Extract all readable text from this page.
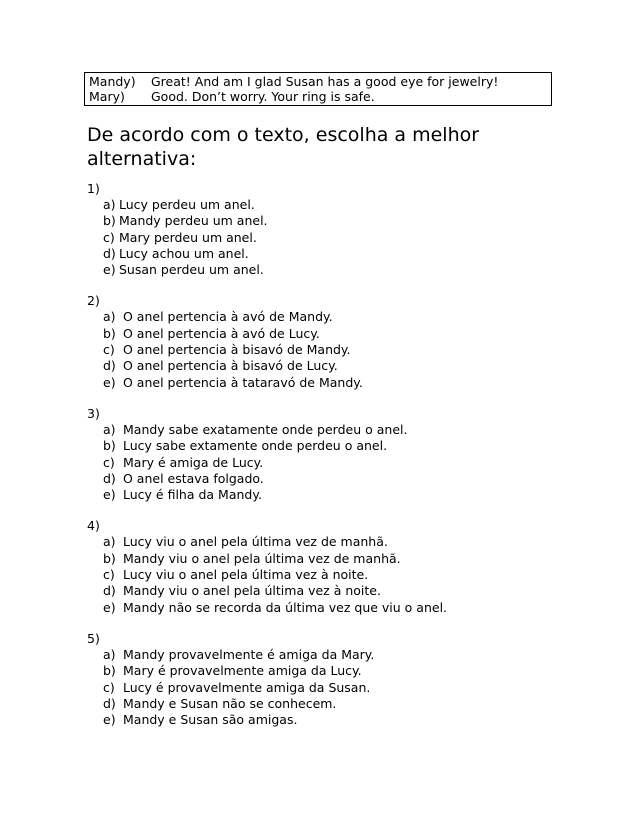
Mandy)	Great! And am I glad Susan has a good eye for jewelry!
Mary)	Good. Don’t worry. Your ring is safe.
De acordo com o texto, escolha a melhor alternativa:
1)
a) Lucy perdeu um anel.
b) Mandy perdeu um anel.
c) Mary perdeu um anel.
d) Lucy achou um anel.
e) Susan perdeu um anel.
2)
a) O anel pertencia à avó de Mandy.
b) O anel pertencia à avó de Lucy.
c) O anel pertencia à bisavó de Mandy.
d) O anel pertencia à bisavó de Lucy.
e) O anel pertencia à tataravó de Mandy.
3)
a) Mandy sabe exatamente onde perdeu o anel.
b) Lucy sabe extamente onde perdeu o anel.
c) Mary é amiga de Lucy.
d) O anel estava folgado.
e) Lucy é filha da Mandy.
4)
a) Lucy viu o anel pela última vez de manhã.
b) Mandy viu o anel pela última vez de manhã.
c) Lucy viu o anel pela última vez à noite.
d) Mandy viu o anel pela última vez à noite.
e) Mandy não se recorda da última vez que viu o anel.
5)
a) Mandy provavelmente é amiga da Mary.
b) Mary é provavelmente amiga da Lucy.
c) Lucy é provavelmente amiga da Susan.
d) Mandy e Susan não se conhecem.
e) Mandy e Susan são amigas.
